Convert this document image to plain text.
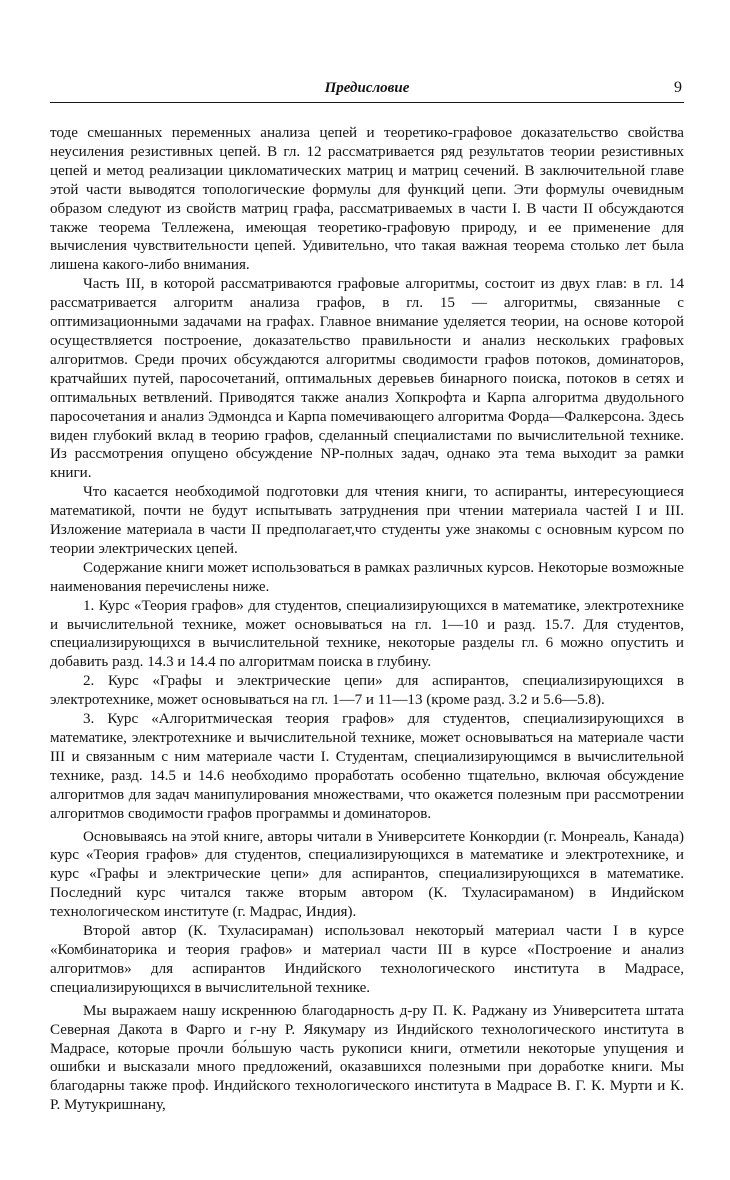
Предисловие	9

тоде смешанных переменных анализа цепей и теоретико-графовое доказательство свойства неусиления резистивных цепей. В гл. 12 рассматривается ряд результатов теории резистивных цепей и метод реализации цикломатических матриц и матриц сечений. В заключительной главе этой части выводятся топологические формулы для функций цепи. Эти формулы очевидным образом следуют из свойств матриц графа, рассматриваемых в части I. В части II обсуждаются также теорема Теллежена, имеющая теоретико-графовую природу, и ее применение для вычисления чувствительности цепей. Удивительно, что такая важная теорема столько лет была лишена какого-либо внимания.

Часть III, в которой рассматриваются графовые алгоритмы, состоит из двух глав: в гл. 14 рассматривается алгоритм анализа графов, в гл. 15 — алгоритмы, связанные с оптимизационными задачами на графах. Главное внимание уделяется теории, на основе которой осуществляется построение, доказательство правильности и анализ нескольких графовых алгоритмов. Среди прочих обсуждаются алгоритмы сводимости графов потоков, доминаторов, кратчайших путей, паросочетаний, оптимальных деревьев бинарного поиска, потоков в сетях и оптимальных ветвлений. Приводятся также анализ Хопкрофта и Карпа алгоритма двудольного паросочетания и анализ Эдмондса и Карпа помечивающего алгоритма Форда—Фалкерсона. Здесь виден глубокий вклад в теорию графов, сделанный специалистами по вычислительной технике. Из рассмотрения опущено обсуждение NP-полных задач, однако эта тема выходит за рамки книги.

Что касается необходимой подготовки для чтения книги, то аспиранты, интересующиеся математикой, почти не будут испытывать затруднения при чтении материала частей I и III. Изложение материала в части II предполагает,что студенты уже знакомы с основным курсом по теории электрических цепей.

Содержание книги может использоваться в рамках различных курсов. Некоторые возможные наименования перечислены ниже.

1. Курс «Теория графов» для студентов, специализирующихся в математике, электротехнике и вычислительной технике, может основываться на гл. 1—10 и разд. 15.7. Для студентов, специализирующихся в вычислительной технике, некоторые разделы гл. 6 можно опустить и добавить разд. 14.3 и 14.4 по алгоритмам поиска в глубину.

2. Курс «Графы и электрические цепи» для аспирантов, специализирующихся в электротехнике, может основываться на гл. 1—7 и 11—13 (кроме разд. 3.2 и 5.6—5.8).

3. Курс «Алгоритмическая теория графов» для студентов, специализирующихся в математике, электротехнике и вычислительной технике, может основываться на материале части III и связанным с ним материале части I. Студентам, специализирующимся в вычислительной технике, разд. 14.5 и 14.6 необходимо проработать особенно тщательно, включая обсуждение алгоритмов для задач манипулирования множествами, что окажется полезным при рассмотрении алгоритмов сводимости графов программы и доминаторов.

Основываясь на этой книге, авторы читали в Университете Конкордии (г. Монреаль, Канада) курс «Теория графов» для студентов, специализирующихся в математике и электротехнике, и курс «Графы и электрические цепи» для аспирантов, специализирующихся в математике. Последний курс читался также вторым автором (К. Тхуласираманом) в Индийском технологическом институте (г. Мадрас, Индия).

Второй автор (К. Тхуласираман) использовал некоторый материал части I в курсе «Комбинаторика и теория графов» и материал части III в курсе «Построение и анализ алгоритмов» для аспирантов Индийского технологического института в Мадрасе, специализирующихся в вычислительной технике.

Мы выражаем нашу искреннюю благодарность д-ру П. К. Раджану из Университета штата Северная Дакота в Фарго и г-ну Р. Яякумару из Индийского технологического института в Мадрасе, которые прочли бо́льшую часть рукописи книги, отметили некоторые упущения и ошибки и высказали много предложений, оказавшихся полезными при доработке книги. Мы благодарны также проф. Индийского технологического института в Мадрасе В. Г. К. Мурти и К. Р. Мутукришнану,
